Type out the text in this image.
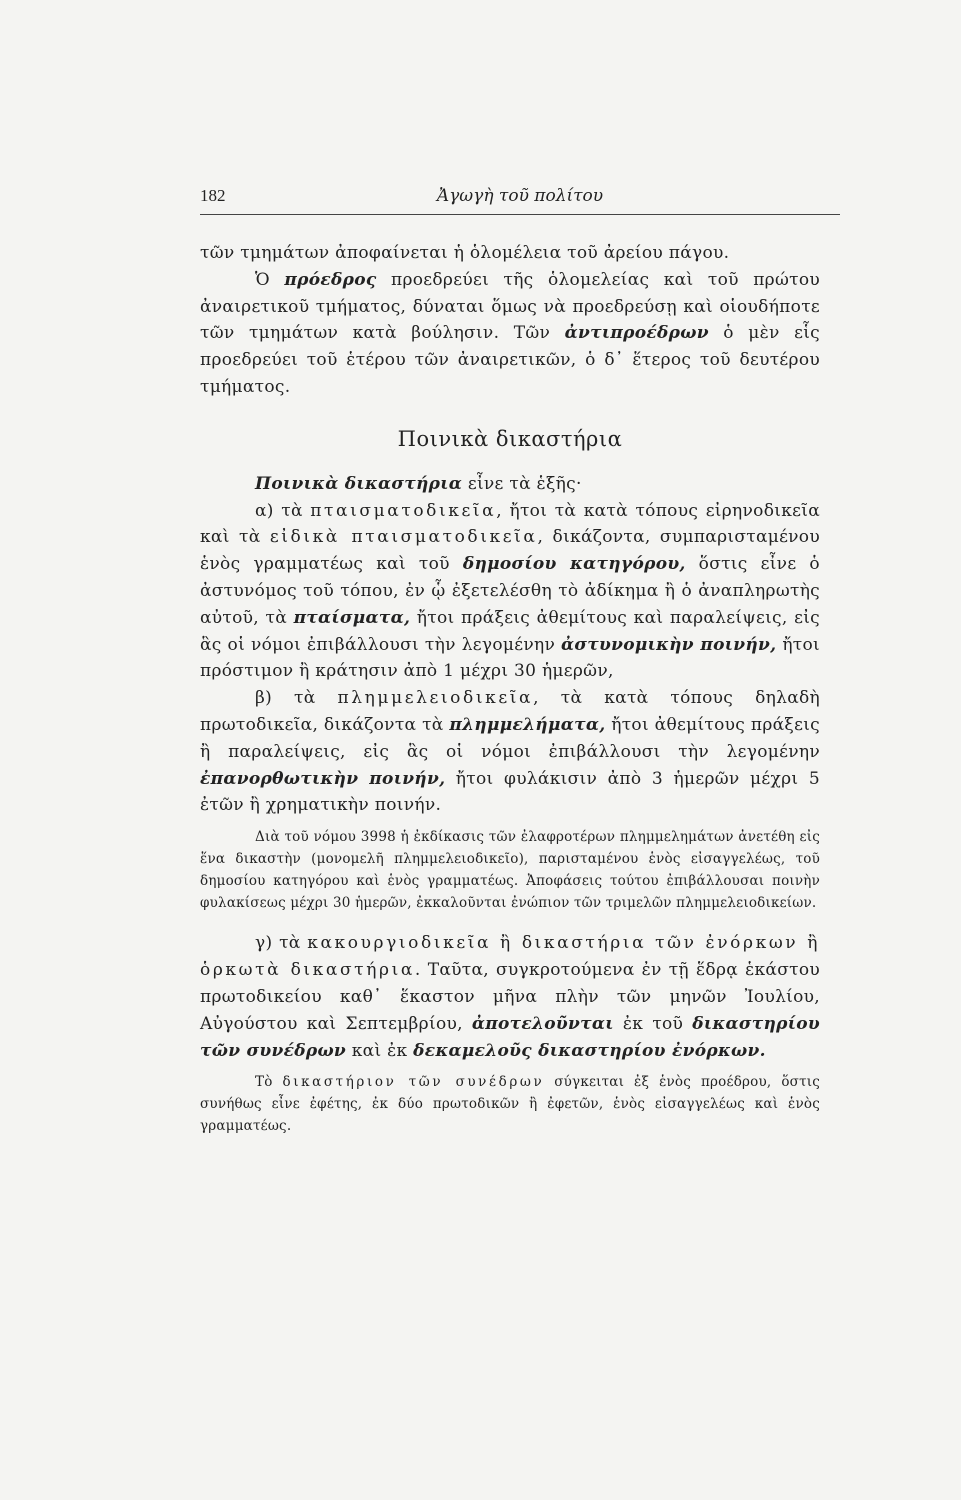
182	Ἀγωγὴ τοῦ πολίτου

τῶν τμημάτων ἀποφαίνεται ἡ ὁλομέλεια τοῦ ἀρείου πάγου.

Ὁ πρόεδρος προεδρεύει τῆς ὁλομελείας καὶ τοῦ πρώτου ἀναιρετικοῦ τμήματος, δύναται ὅμως νὰ προεδρεύσῃ καὶ οἱουδήποτε τῶν τμημάτων κατὰ βούλησιν. Τῶν ἀντιπροέδρων ὁ μὲν εἷς προεδρεύει τοῦ ἑτέρου τῶν ἀναιρετικῶν, ὁ δ᾿ ἕτερος τοῦ δευτέρου τμήματος.

Ποινικὰ δικαστήρια

Ποινικὰ δικαστήρια εἶνε τὰ ἑξῆς·

α) τὰ πταισματοδικεῖα, ἤτοι τὰ κατὰ τόπους εἰρηνοδικεῖα καὶ τὰ εἰδικὰ πταισματοδικεῖα, δικάζοντα, συμπαρισταμένου ἑνὸς γραμματέως καὶ τοῦ δημοσίου κατηγόρου, ὅστις εἶνε ὁ ἀστυνόμος τοῦ τόπου, ἐν ᾧ ἐξετελέσθη τὸ ἀδίκημα ἢ ὁ ἀναπληρωτὴς αὐτοῦ, τὰ πταίσματα, ἤτοι πράξεις ἀθεμίτους καὶ παραλείψεις, εἰς ἃς οἱ νόμοι ἐπιβάλλουσι τὴν λεγομένην ἀστυνομικὴν ποινήν, ἤτοι πρόστιμον ἢ κράτησιν ἀπὸ 1 μέχρι 30 ἡμερῶν,

β) τὰ πλημμελειοδικεῖα, τὰ κατὰ τόπους δηλαδὴ πρωτοδικεῖα, δικάζοντα τὰ πλημμελήματα, ἤτοι ἀθεμίτους πράξεις ἢ παραλείψεις, εἰς ἃς οἱ νόμοι ἐπιβάλλουσι τὴν λεγομένην ἐπανορθωτικὴν ποινήν, ἤτοι φυλάκισιν ἀπὸ 3 ἡμερῶν μέχρι 5 ἐτῶν ἢ χρηματικὴν ποινήν.

Διὰ τοῦ νόμου 3998 ἡ ἐκδίκασις τῶν ἐλαφροτέρων πλημμελημάτων ἀνετέθη εἰς ἕνα δικαστὴν (μονομελῆ πλημμελειοδικεῖο), παρισταμένου ἑνὸς εἰσαγγελέως, τοῦ δημοσίου κατηγόρου καὶ ἑνὸς γραμματέως. Ἀποφάσεις τούτου ἐπιβάλλουσαι ποινὴν φυλακίσεως μέχρι 30 ἡμερῶν, ἐκκαλοῦνται ἐνώπιον τῶν τριμελῶν πλημμελειοδικείων.

γ) τὰ κακουργιοδικεῖα ἢ δικαστήρια τῶν ἐνόρκων ἢ ὁρκωτὰ δικαστήρια. Ταῦτα, συγκροτούμενα ἐν τῇ ἕδρᾳ ἑκάστου πρωτοδικείου καθ᾿ ἕκαστον μῆνα πλὴν τῶν μηνῶν Ἰουλίου, Αὐγούστου καὶ Σεπτεμβρίου, ἀποτελοῦνται ἐκ τοῦ δικαστηρίου τῶν συνέδρων καὶ ἐκ δεκαμελοῦς δικαστηρίου ἐνόρκων.

Τὸ δικαστήριον τῶν συνέδρων σύγκειται ἐξ ἑνὸς προέδρου, ὅστις συνήθως εἶνε ἐφέτης, ἐκ δύο πρωτοδικῶν ἢ ἐφετῶν, ἑνὸς εἰσαγγελέως καὶ ἑνὸς γραμματέως.
